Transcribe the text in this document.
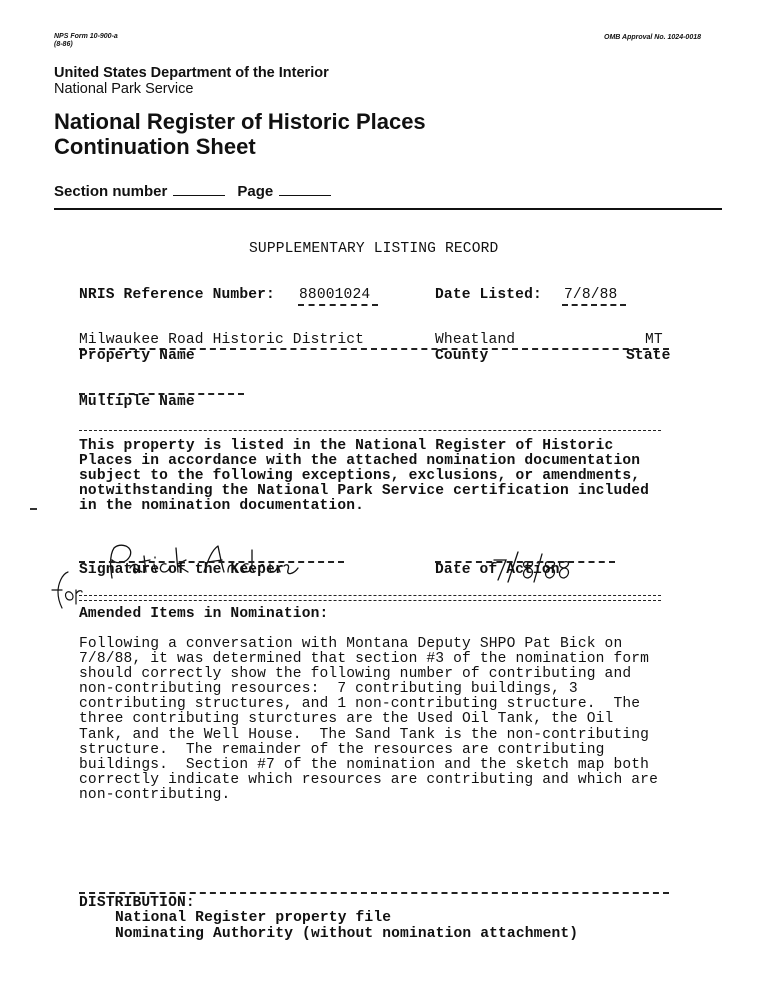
NPS Form 10-900-a
(8-86)
OMB Approval No. 1024-0018
United States Department of the Interior
National Park Service
National Register of Historic Places
Continuation Sheet
Section number	Page
SUPPLEMENTARY LISTING RECORD
NRIS Reference Number: 88001024	Date Listed: 7/8/88
Milwaukee Road Historic District	Wheatland	MT
Property Name	County	State
Multiple Name
This property is listed in the National Register of Historic
Places in accordance with the attached nomination documentation
subject to the following exceptions, exclusions, or amendments,
notwithstanding the National Park Service certification included
in the nomination documentation.

Signature of the Keeper	Date of Action
Amended Items in Nomination:
Following a conversation with Montana Deputy SHPO Pat Bick on
7/8/88, it was determined that section #3 of the nomination form
should correctly show the following number of contributing and
non-contributing resources:  7 contributing buildings, 3
contributing structures, and 1 non-contributing structure.  The
three contributing sturctures are the Used Oil Tank, the Oil
Tank, and the Well House.  The Sand Tank is the non-contributing
structure.  The remainder of the resources are contributing
buildings.  Section #7 of the nomination and the sketch map both
correctly indicate which resources are contributing and which are
non-contributing.
DISTRIBUTION:
National Register property file
Nominating Authority (without nomination attachment)
